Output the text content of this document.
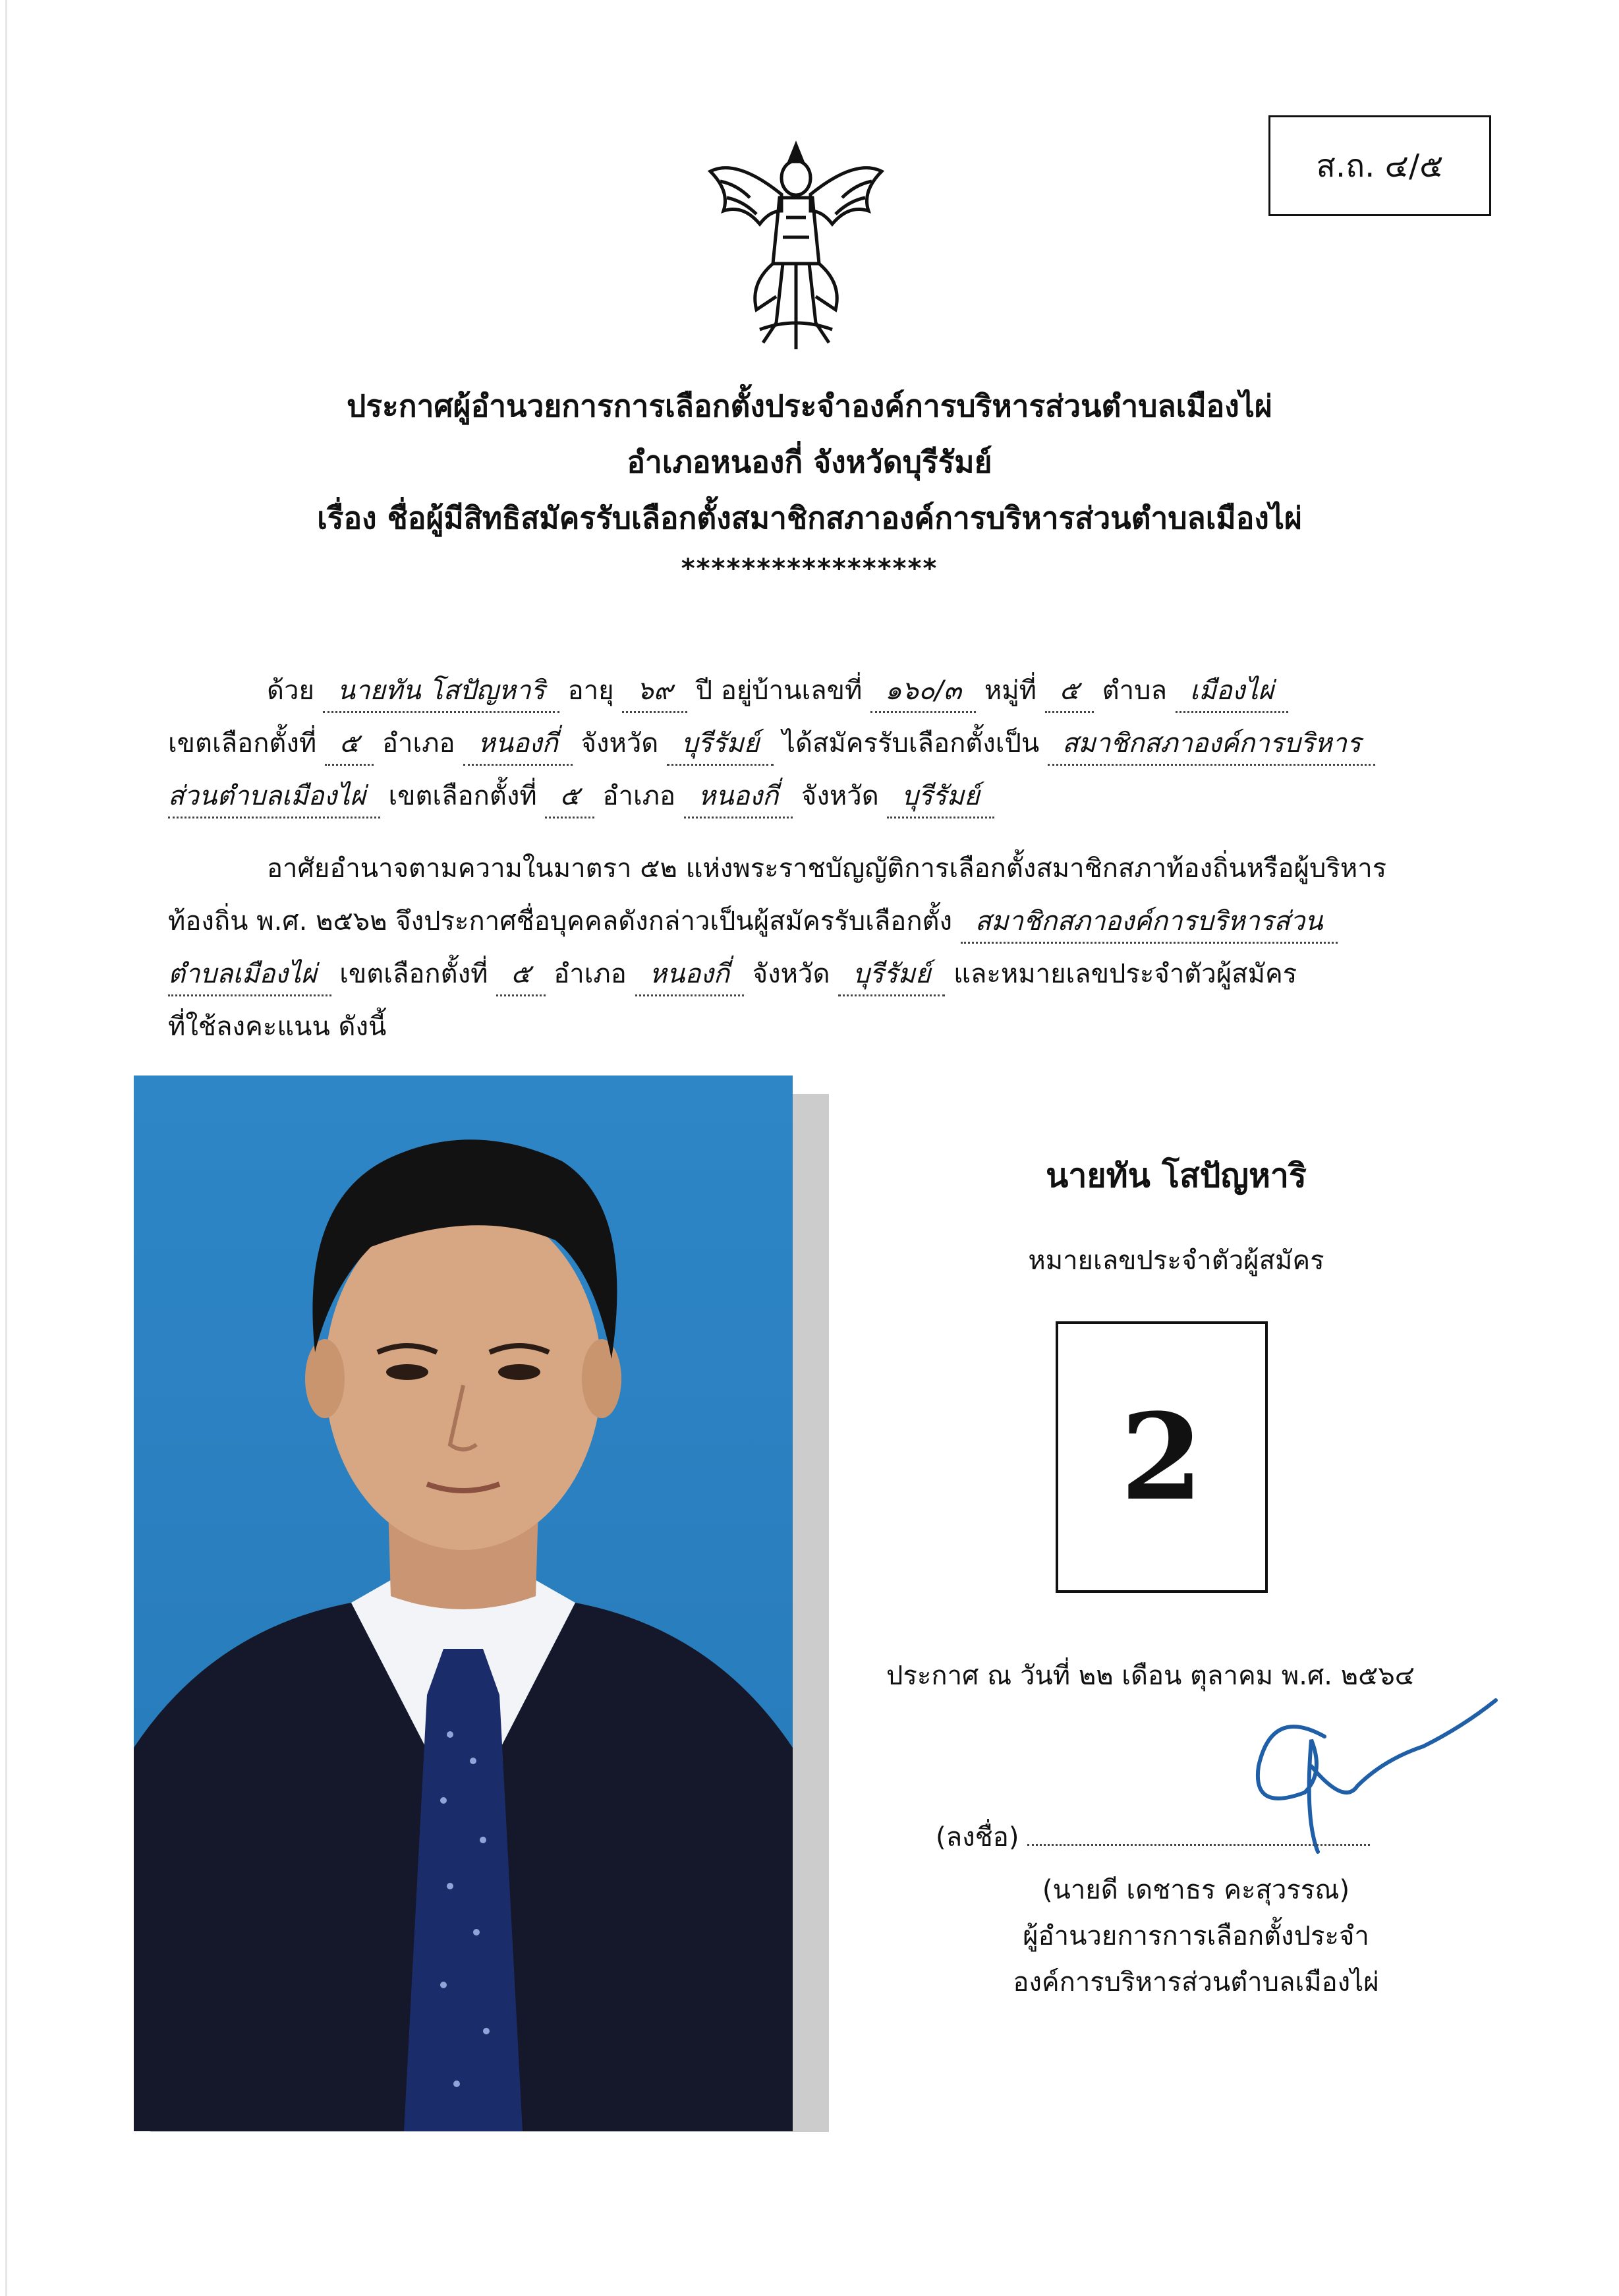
ส.ถ. ๔/๕
ประกาศผู้อำนวยการการเลือกตั้งประจำองค์การบริหารส่วนตำบลเมืองไผ่
อำเภอหนองกี่ จังหวัดบุรีรัมย์
เรื่อง ชื่อผู้มีสิทธิสมัครรับเลือกตั้งสมาชิกสภาองค์การบริหารส่วนตำบลเมืองไผ่
*****************
ด้วย นายทัน โสปัญหาริ อายุ ๖๙ ปี อยู่บ้านเลขที่ ๑๖๐/๓ หมู่ที่ ๕ ตำบล เมืองไผ่
เขตเลือกตั้งที่ ๕ อำเภอ หนองกี่ จังหวัด บุรีรัมย์ ได้สมัครรับเลือกตั้งเป็น สมาชิกสภาองค์การบริหาร
ส่วนตำบลเมืองไผ่ เขตเลือกตั้งที่ ๕ อำเภอ หนองกี่ จังหวัด บุรีรัมย์
อาศัยอำนาจตามความในมาตรา ๕๒ แห่งพระราชบัญญัติการเลือกตั้งสมาชิกสภาท้องถิ่นหรือผู้บริหาร
ท้องถิ่น พ.ศ. ๒๕๖๒ จึงประกาศชื่อบุคคลดังกล่าวเป็นผู้สมัครรับเลือกตั้ง สมาชิกสภาองค์การบริหารส่วน
ตำบลเมืองไผ่ เขตเลือกตั้งที่ ๕ อำเภอ หนองกี่ จังหวัด บุรีรัมย์ และหมายเลขประจำตัวผู้สมัคร
ที่ใช้ลงคะแนน ดังนี้
นายทัน โสปัญหาริ
หมายเลขประจำตัวผู้สมัคร
2
ประกาศ ณ วันที่ ๒๒ เดือน ตุลาคม พ.ศ. ๒๕๖๔
(ลงชื่อ)
(นายดี เดชาธร คะสุวรรณ)
ผู้อำนวยการการเลือกตั้งประจำ
องค์การบริหารส่วนตำบลเมืองไผ่
